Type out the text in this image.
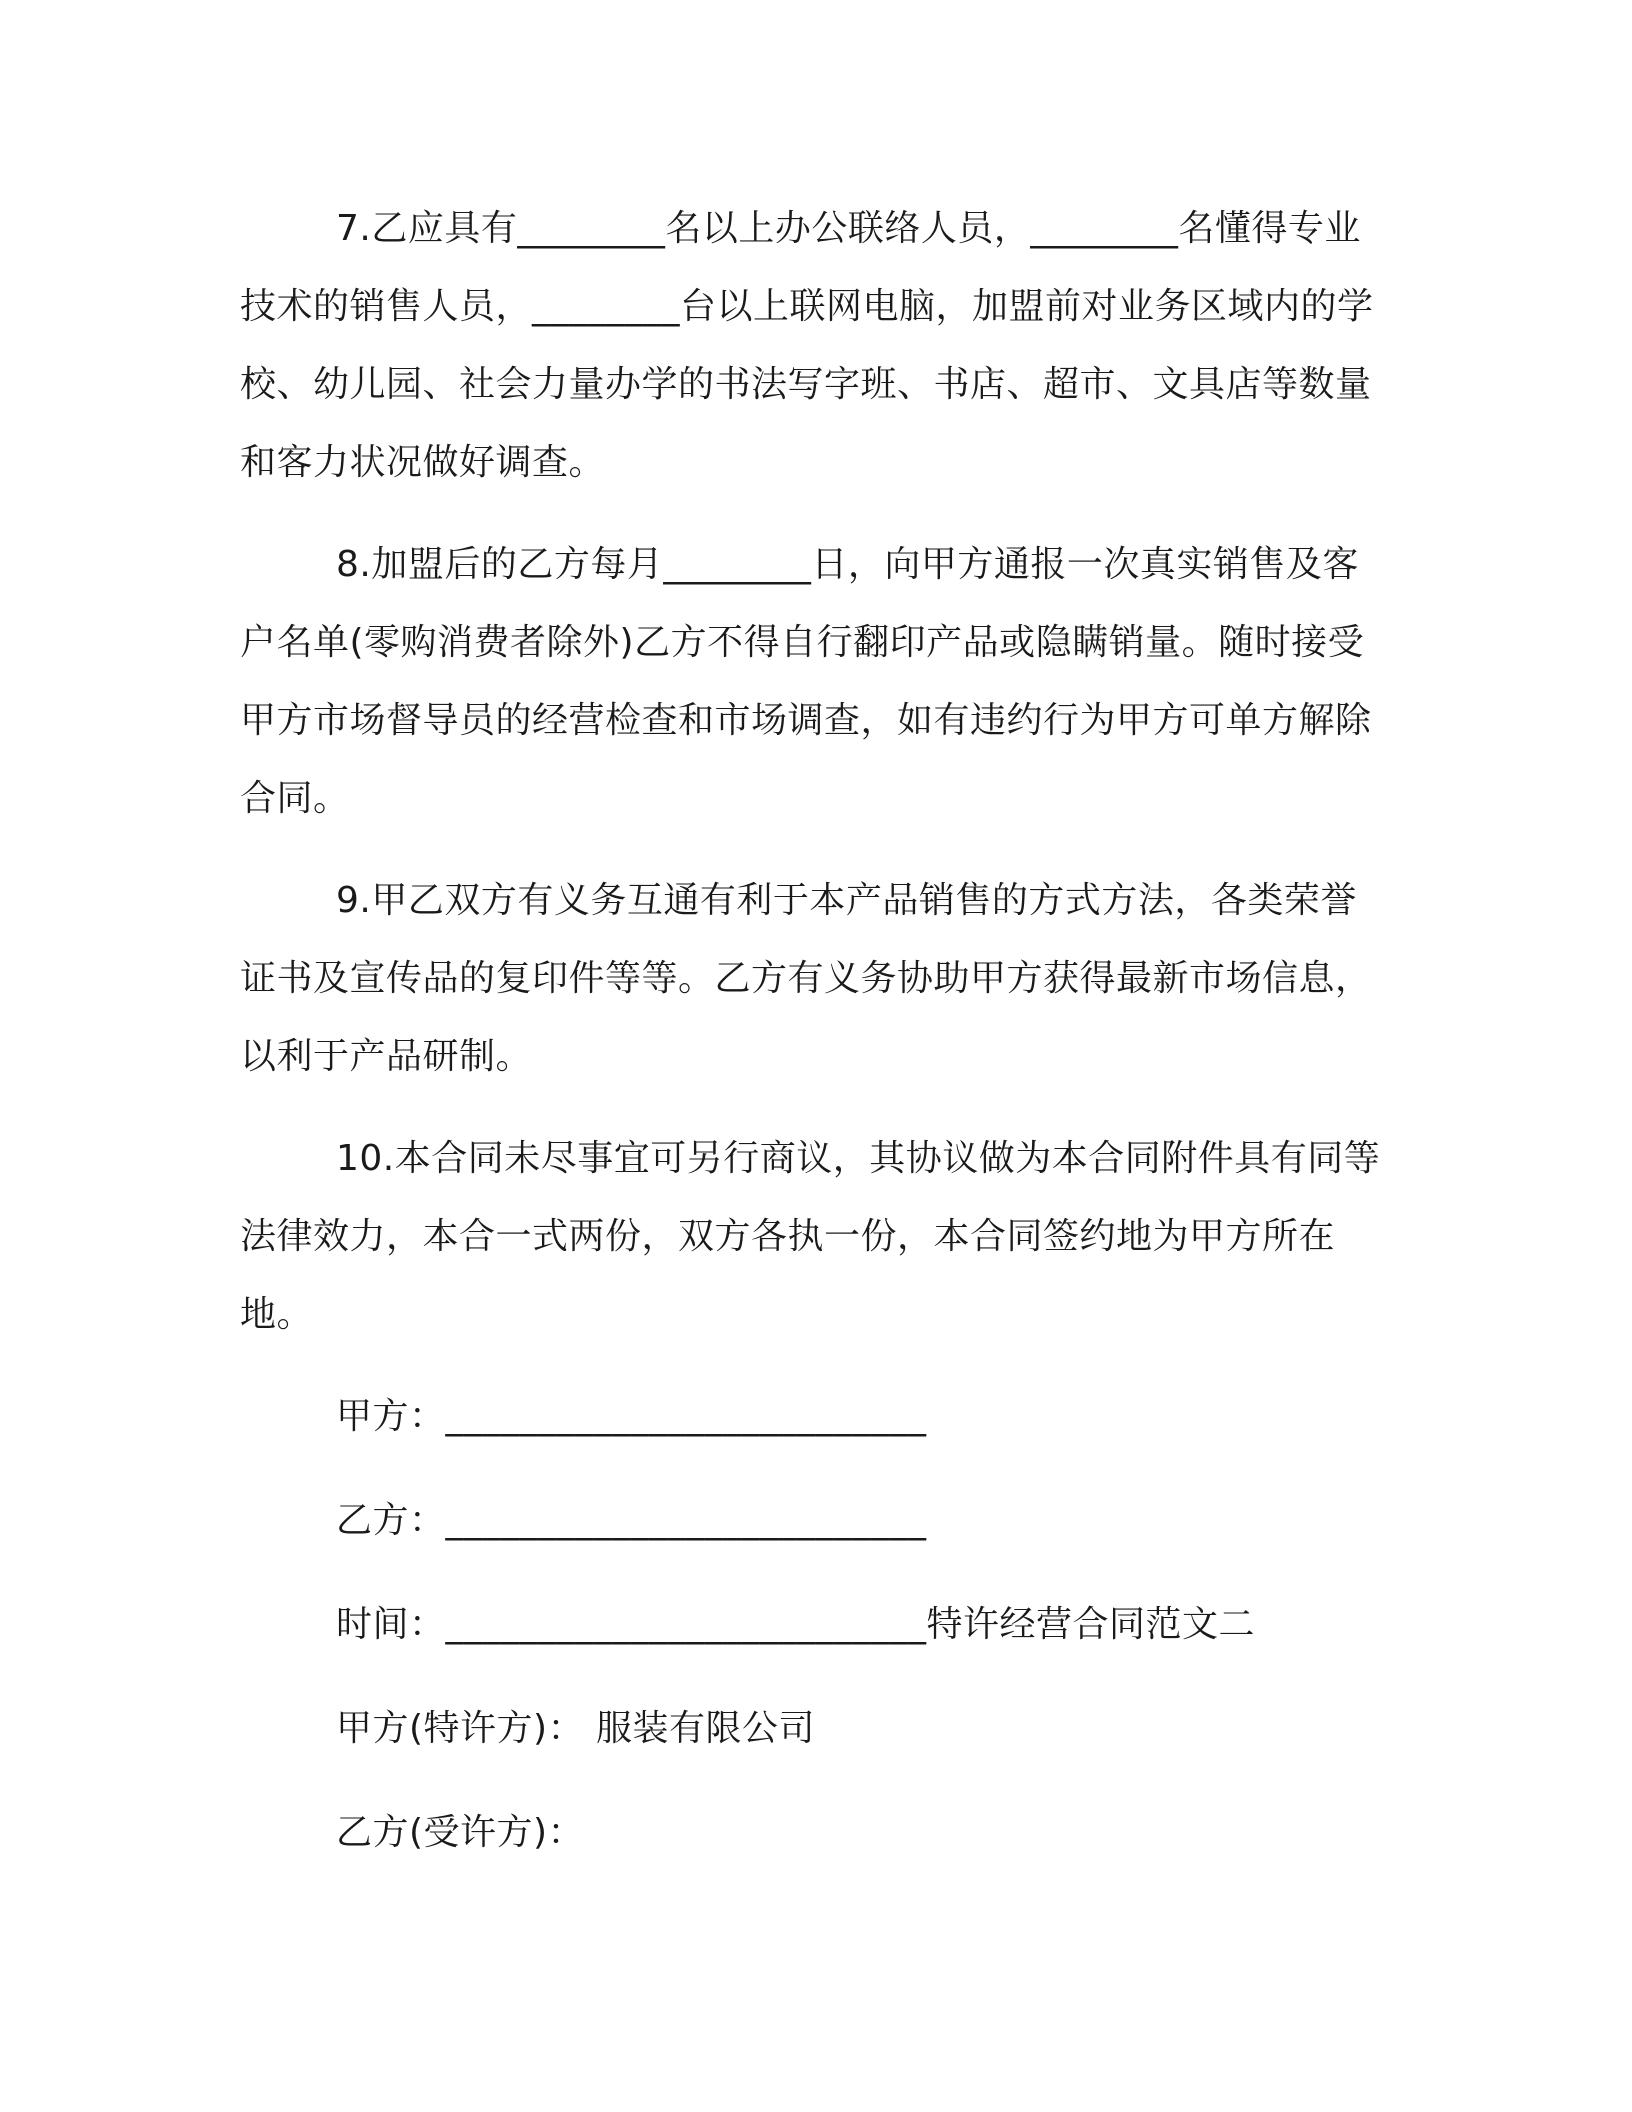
7.乙应具有________名以上办公联络人员，________名懂得专业技术的销售人员，________台以上联网电脑，加盟前对业务区域内的学校、幼儿园、社会力量办学的书法写字班、书店、超市、文具店等数量和客力状况做好调查。

8.加盟后的乙方每月________日，向甲方通报一次真实销售及客户名单(零购消费者除外)乙方不得自行翻印产品或隐瞒销量。随时接受甲方市场督导员的经营检查和市场调查，如有违约行为甲方可单方解除合同。

9.甲乙双方有义务互通有利于本产品销售的方式方法，各类荣誉证书及宣传品的复印件等等。乙方有义务协助甲方获得最新市场信息，以利于产品研制。

10.本合同未尽事宜可另行商议，其协议做为本合同附件具有同等法律效力，本合一式两份，双方各执一份，本合同签约地为甲方所在地。

甲方：__________________________

乙方：__________________________

时间：__________________________特许经营合同范文二

甲方(特许方)： 服装有限公司

乙方(受许方)：
